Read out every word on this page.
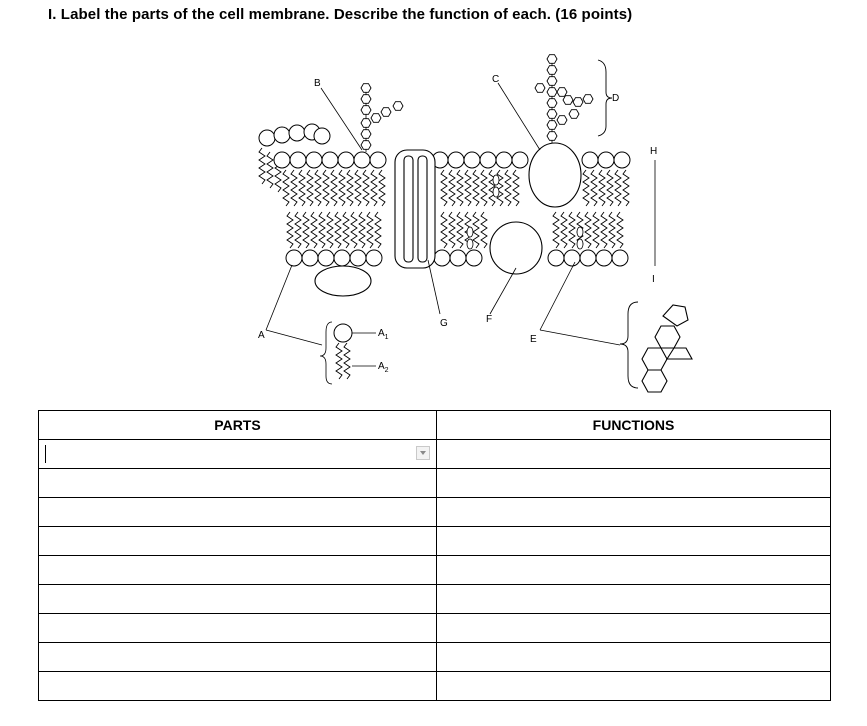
I. Label the parts of the cell membrane. Describe the function of each. (16 points)
B	C
D
H
I
A	$A_1$
$A_2$
G	F
E
PARTS	FUNCTIONS
